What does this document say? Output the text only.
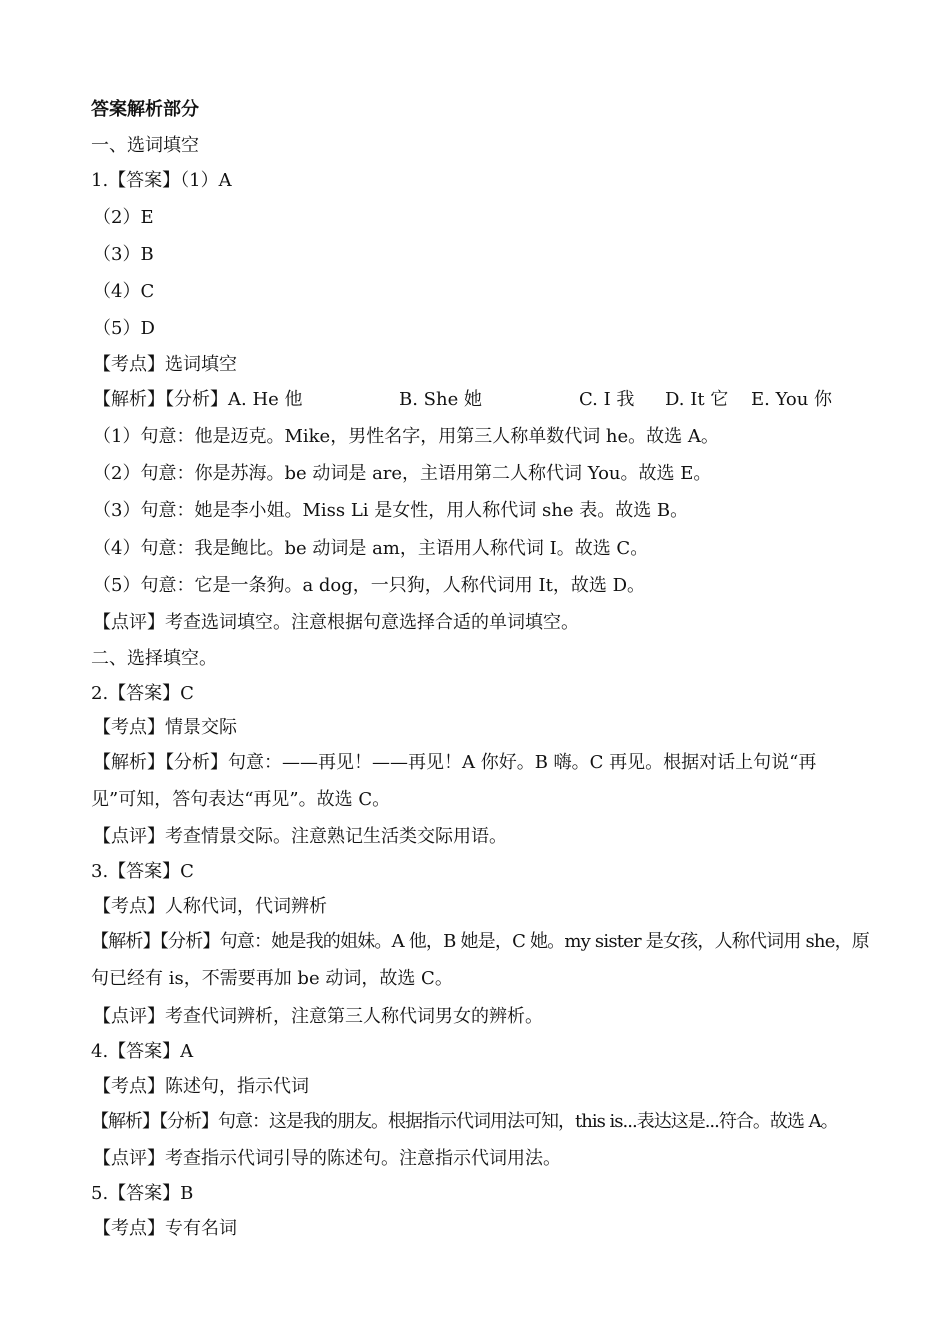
答案解析部分
一、选词填空
1.【答案】（1）A
（2）E
（3）B
（4）C
（5）D
【考点】选词填空
【解析】【分析】A. He 他	B. She 她	C. I 我 D. It 它 E. You 你
（1）句意：他是迈克。Mike，男性名字，用第三人称单数代词 he。故选 A。
（2）句意：你是苏海。be 动词是 are，主语用第二人称代词 You。故选 E。
（3）句意：她是李小姐。Miss Li 是女性，用人称代词 she 表。故选 B。
（4）句意：我是鲍比。be 动词是 am，主语用人称代词 I。故选 C。
（5）句意：它是一条狗。a dog，一只狗，人称代词用 It，故选 D。
【点评】考查选词填空。注意根据句意选择合适的单词填空。
二、选择填空。
2.【答案】C
【考点】情景交际
【解析】【分析】句意：——再见！——再见！A 你好。B 嗨。C 再见。根据对话上句说“再
见”可知，答句表达“再见”。故选 C。
【点评】考查情景交际。注意熟记生活类交际用语。
3.【答案】C
【考点】人称代词，代词辨析
【解析】【分析】句意：她是我的姐妹。A 他，B 她是，C 她。my sister 是女孩，人称代词用 she，原
句已经有 is，不需要再加 be 动词，故选 C。
【点评】考查代词辨析，注意第三人称代词男女的辨析。
4.【答案】A
【考点】陈述句，指示代词
【解析】【分析】句意：这是我的朋友。根据指示代词用法可知，this is...表达这是...符合。故选 A。
【点评】考查指示代词引导的陈述句。注意指示代词用法。
5.【答案】B
【考点】专有名词
